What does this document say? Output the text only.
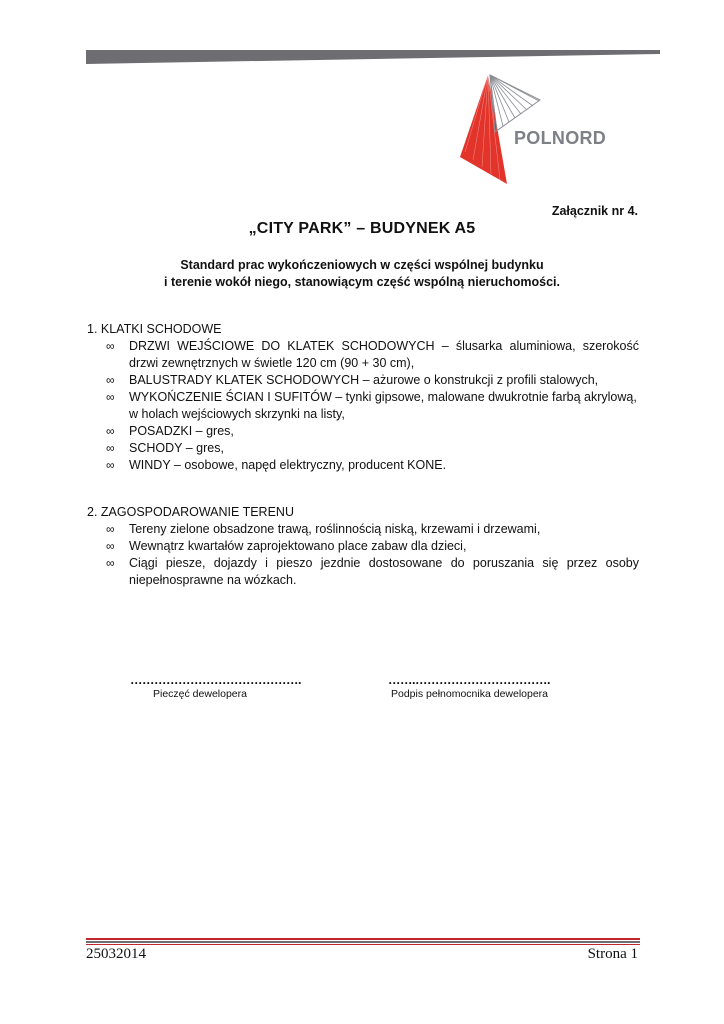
POLNORD
Załącznik nr 4.
„CITY PARK” – BUDYNEK A5
Standard prac wykończeniowych w części wspólnej budynku
i terenie wokół niego, stanowiącym część wspólną nieruchomości.
1. KLATKI SCHODOWE
∞ DRZWI WEJŚCIOWE DO KLATEK SCHODOWYCH – ślusarka aluminiowa, szerokość drzwi zewnętrznych w świetle 120 cm (90 + 30 cm),
∞ BALUSTRADY KLATEK SCHODOWYCH – ażurowe o konstrukcji z profili stalowych,
∞ WYKOŃCZENIE ŚCIAN I SUFITÓW – tynki gipsowe, malowane dwukrotnie farbą akrylową,
w holach wejściowych skrzynki na listy,
∞ POSADZKI – gres,
∞ SCHODY – gres,
∞ WINDY – osobowe, napęd elektryczny, producent KONE.
2. ZAGOSPODAROWANIE TERENU
∞ Tereny zielone obsadzone trawą, roślinnością niską, krzewami i drzewami,
∞ Wewnątrz kwartałów zaprojektowano place zabaw dla dzieci,
∞ Ciągi piesze, dojazdy i pieszo jezdnie dostosowane do poruszania się przez osoby niepełnosprawne na wózkach.
…………………………………….	…….…………………………….
Pieczęć dewelopera	Podpis pełnomocnika dewelopera
25032014	Strona 1
